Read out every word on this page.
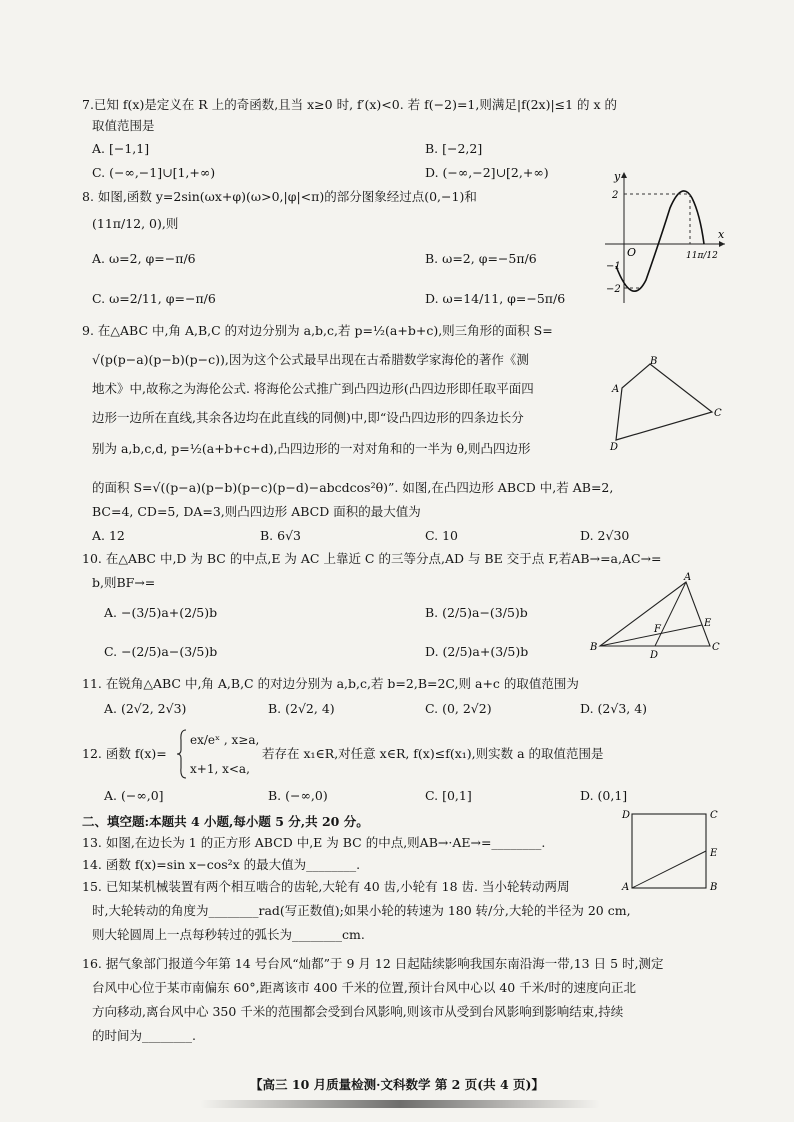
7.已知 f(x)是定义在 R 上的奇函数,且当 x≥0 时, f′(x)<0. 若 f(−2)=1,则满足|f(2x)|≤1 的 x 的
取值范围是
A. [−1,1]	B. [−2,2]
C. (−∞,−1]∪[1,+∞)	D. (−∞,−2]∪[2,+∞)
8. 如图,函数 y=2sin(ωx+φ)(ω>0,|φ|<π)的部分图象经过点(0,−1)和
(11π/12, 0),则
A. ω=2, φ=−π/6	B. ω=2, φ=−5π/6
C. ω=2/11, φ=−π/6	D. ω=14/11, φ=−5π/6
y
x
O
2
−1
−2
11π/12
9. 在△ABC 中,角 A,B,C 的对边分别为 a,b,c,若 p=½(a+b+c),则三角形的面积 S=
√(p(p−a)(p−b)(p−c)),因为这个公式最早出现在古希腊数学家海伦的著作《测
地术》中,故称之为海伦公式. 将海伦公式推广到凸四边形(凸四边形即任取平面四
边形一边所在直线,其余各边均在此直线的同侧)中,即“设凸四边形的四条边长分
别为 a,b,c,d, p=½(a+b+c+d),凸四边形的一对对角和的一半为 θ,则凸四边形
的面积 S=√((p−a)(p−b)(p−c)(p−d)−abcdcos²θ)”. 如图,在凸四边形 ABCD 中,若 AB=2,
BC=4, CD=5, DA=3,则凸四边形 ABCD 面积的最大值为
A. 12	B. 6√3	C. 10	D. 2√30
A
B
C
D
10. 在△ABC 中,D 为 BC 的中点,E 为 AC 上靠近 C 的三等分点,AD 与 BE 交于点 F,若AB→=a,AC→=
b,则BF→=
A. −(3/5)a+(2/5)b	B. (2/5)a−(3/5)b
C. −(2/5)a−(3/5)b	D. (2/5)a+(3/5)b
A
B	C
D
E
F
11. 在锐角△ABC 中,角 A,B,C 的对边分别为 a,b,c,若 b=2,B=2C,则 a+c 的取值范围为
A. (2√2, 2√3)	B. (2√2, 4)	C. (0, 2√2)	D. (2√3, 4)
12. 函数 f(x)=
ex/eˣ , x≥a,
x+1, x<a,
若存在 x₁∈R,对任意 x∈R, f(x)≤f(x₁),则实数 a 的取值范围是
A. (−∞,0]	B. (−∞,0)	C. [0,1]	D. (0,1]
二、填空题:本题共 4 小题,每小题 5 分,共 20 分。
13. 如图,在边长为 1 的正方形 ABCD 中,E 为 BC 的中点,则AB→·AE→=________.
14. 函数 f(x)=sin x−cos²x 的最大值为________.
15. 已知某机械装置有两个相互啮合的齿轮,大轮有 40 齿,小轮有 18 齿. 当小轮转动两周
时,大轮转动的角度为________rad(写正数值);如果小轮的转速为 180 转/分,大轮的半径为 20 cm,
则大轮圆周上一点每秒转过的弧长为________cm.
D	C
E
A	B
16. 据气象部门报道今年第 14 号台风“灿都”于 9 月 12 日起陆续影响我国东南沿海一带,13 日 5 时,测定
台风中心位于某市南偏东 60°,距离该市 400 千米的位置,预计台风中心以 40 千米/时的速度向正北
方向移动,离台风中心 350 千米的范围都会受到台风影响,则该市从受到台风影响到影响结束,持续
的时间为________.
【高三 10 月质量检测·文科数学 第 2 页(共 4 页)】
